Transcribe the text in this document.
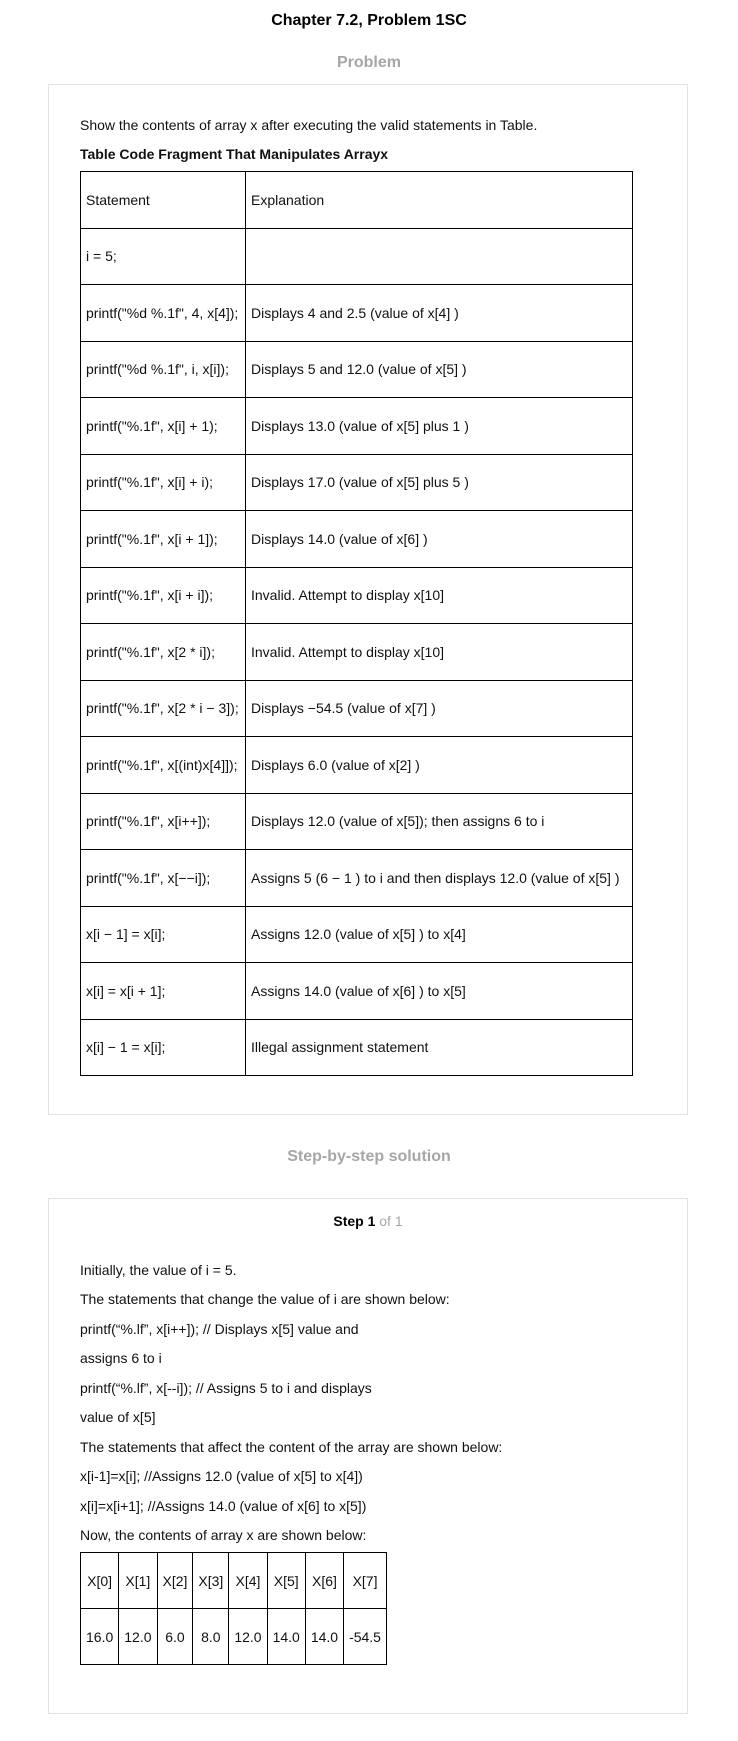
Chapter 7.2, Problem 1SC
Problem
Show the contents of array x after executing the valid statements in Table.
Table Code Fragment That Manipulates Arrayx
Statement	Explanation
i = 5;	
printf("%d %.1f", 4, x[4]);	Displays 4 and 2.5 (value of x[4] )
printf("%d %.1f", i, x[i]);	Displays 5 and 12.0 (value of x[5] )
printf("%.1f", x[i] + 1);	Displays 13.0 (value of x[5] plus 1 )
printf("%.1f", x[i] + i);	Displays 17.0 (value of x[5] plus 5 )
printf("%.1f", x[i + 1]);	Displays 14.0 (value of x[6] )
printf("%.1f", x[i + i]);	Invalid. Attempt to display x[10]
printf("%.1f", x[2 * i]);	Invalid. Attempt to display x[10]
printf("%.1f", x[2 * i − 3]);	Displays −54.5 (value of x[7] )
printf("%.1f", x[(int)x[4]]);	Displays 6.0 (value of x[2] )
printf("%.1f", x[i++]);	Displays 12.0 (value of x[5]); then assigns 6 to i
printf("%.1f", x[−−i]);	Assigns 5 (6 − 1 ) to i and then displays 12.0 (value of x[5] )
x[i − 1] = x[i];	Assigns 12.0 (value of x[5] ) to x[4]
x[i] = x[i + 1];	Assigns 14.0 (value of x[6] ) to x[5]
x[i] − 1 = x[i];	Illegal assignment statement
Step-by-step solution
Step 1 of 1
Initially, the value of i = 5.
The statements that change the value of i are shown below:
printf(“%.lf”, x[i++]); // Displays x[5] value and
assigns 6 to i
printf(“%.lf”, x[--i]); // Assigns 5 to i and displays
value of x[5]
The statements that affect the content of the array are shown below:
x[i-1]=x[i]; //Assigns 12.0 (value of x[5] to x[4])
x[i]=x[i+1]; //Assigns 14.0 (value of x[6] to x[5])
Now, the contents of array x are shown below:
X[0]	X[1]	X[2]	X[3]	X[4]	X[5]	X[6]	X[7]
16.0	12.0	6.0	8.0	12.0	14.0	14.0	-54.5
